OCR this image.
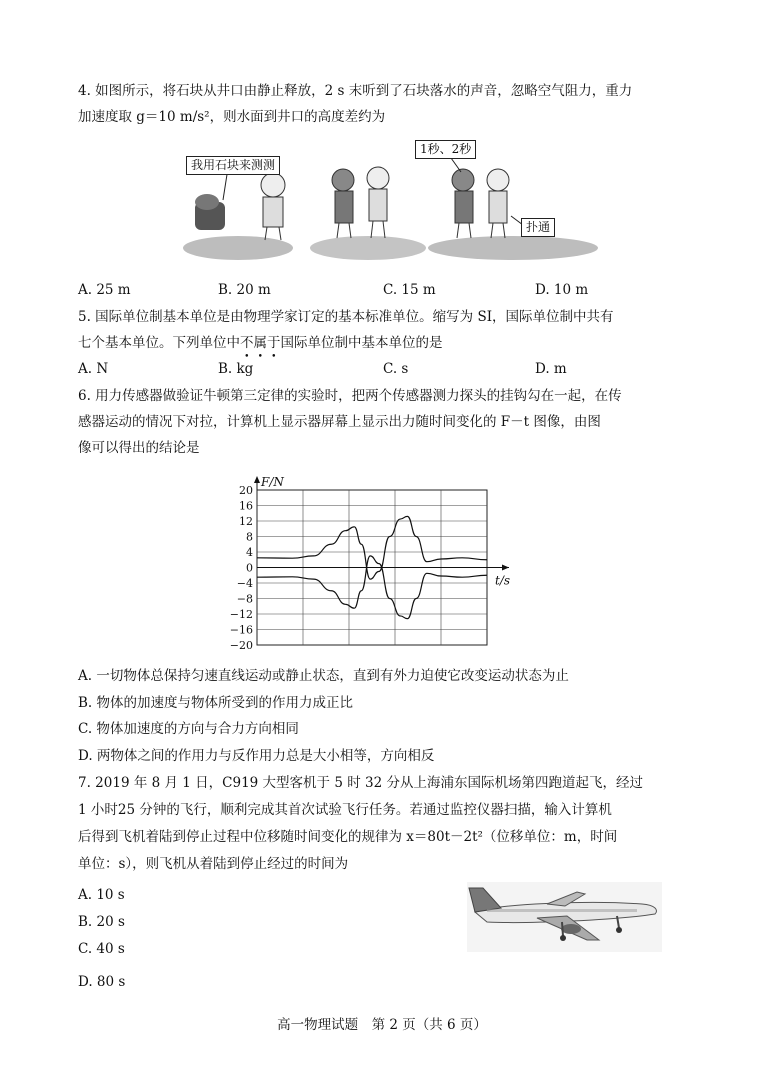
4. 如图所示，将石块从井口由静止释放，2 s 末听到了石块落水的声音，忽略空气阻力，重力
加速度取 g＝10 m/s²，则水面到井口的高度差约为
我用石块来测测
1秒、2秒
扑通
A. 25 m	B. 20 m	C. 15 m	D. 10 m
5. 国际单位制基本单位是由物理学家订定的基本标准单位。缩写为 SI，国际单位制中共有
七个基本单位。下列单位中不属于国际单位制中基本单位的是
A. N	B. kg	C. s	D. m
6. 用力传感器做验证牛顿第三定律的实验时，把两个传感器测力探头的挂钩勾在一起，在传
感器运动的情况下对拉，计算机上显示器屏幕上显示出力随时间变化的 F－t 图像，由图
像可以得出的结论是
20
16
12
8
4
0
−4
−8
−12
−16
−20
F/N
t/s
A. 一切物体总保持匀速直线运动或静止状态，直到有外力迫使它改变运动状态为止
B. 物体的加速度与物体所受到的作用力成正比
C. 物体加速度的方向与合力方向相同
D. 两物体之间的作用力与反作用力总是大小相等，方向相反
7. 2019 年 8 月 1 日，C919 大型客机于 5 时 32 分从上海浦东国际机场第四跑道起飞，经过
1 小时25 分钟的飞行，顺利完成其首次试验飞行任务。若通过监控仪器扫描，输入计算机
后得到飞机着陆到停止过程中位移随时间变化的规律为 x＝80t－2t²（位移单位：m，时间
单位：s），则飞机从着陆到停止经过的时间为
A. 10 s
B. 20 s
C. 40 s
D. 80 s
高一物理试题　第 2 页（共 6 页）
